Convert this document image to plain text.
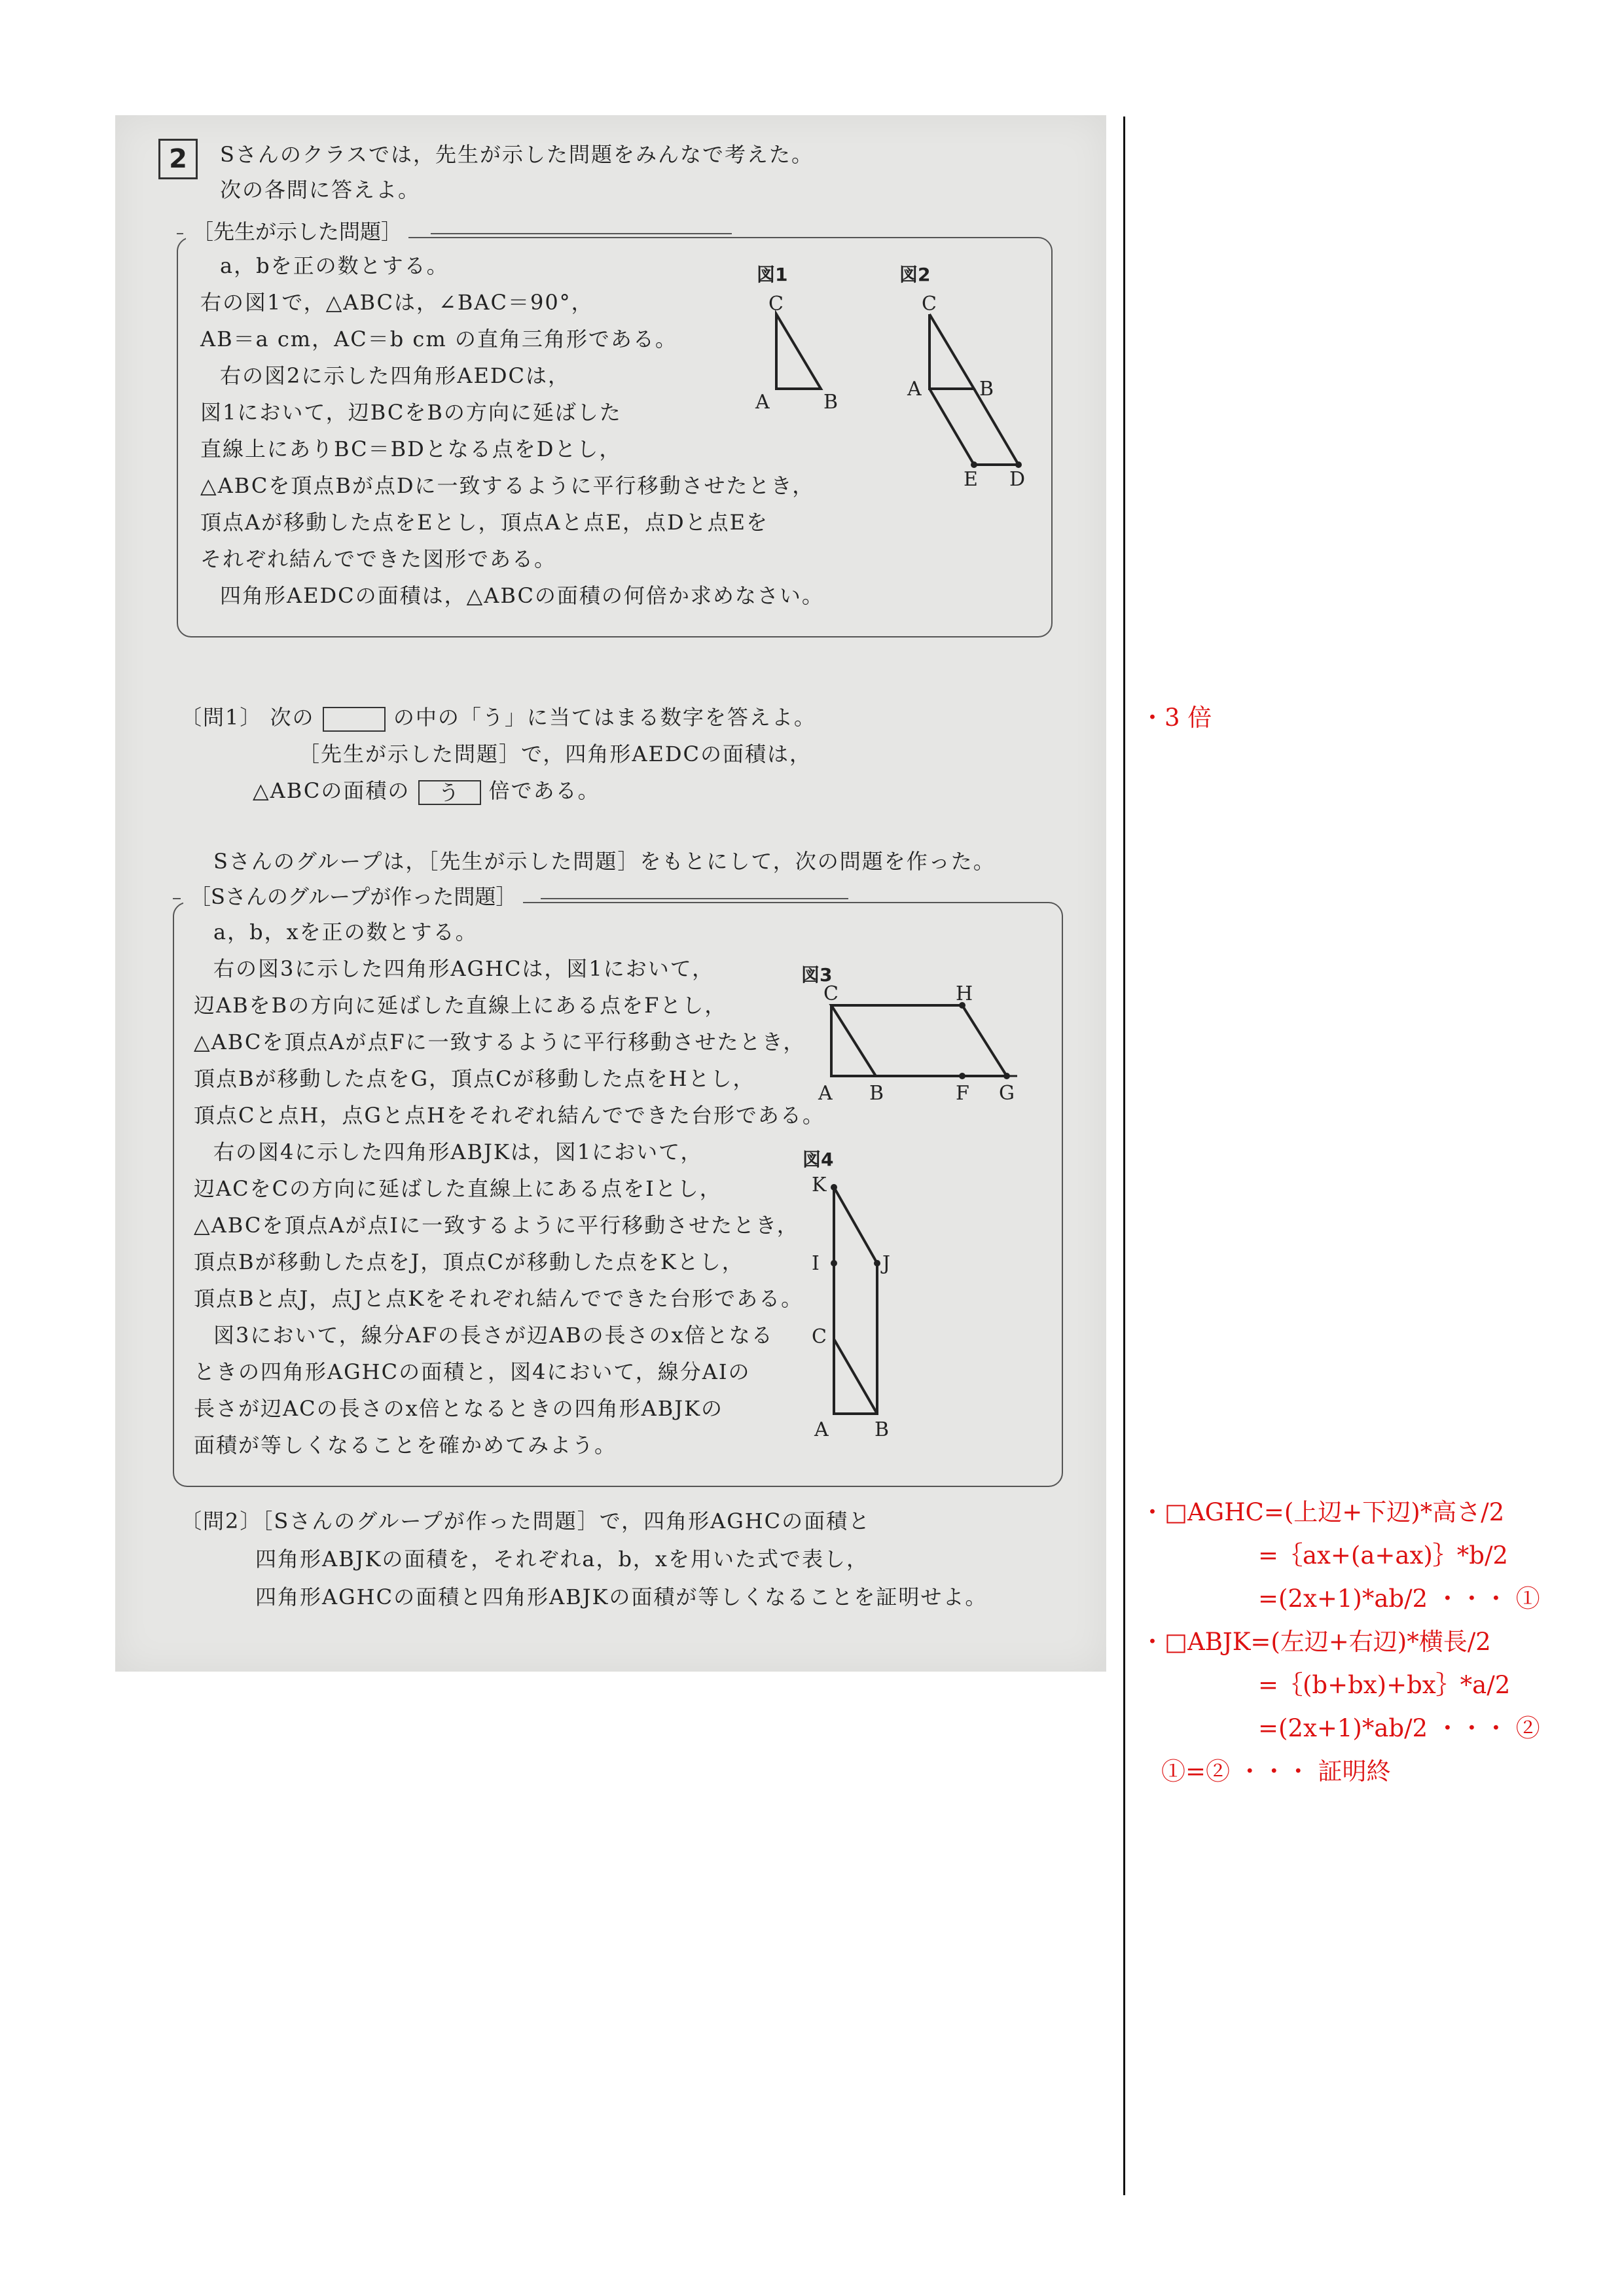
2	Sさんのクラスでは，先生が示した問題をみんなで考えた。
次の各問に答えよ。
［先生が示した問題］
a，bを正の数とする。
右の図1で，△ABCは，∠BAC＝90°，
AB＝a cm，AC＝b cm の直角三角形である。
右の図2に示した四角形AEDCは，
図1において，辺BCをBの方向に延ばした
直線上にありBC＝BDとなる点をDとし，
△ABCを頂点Bが点Dに一致するように平行移動させたとき，
頂点Aが移動した点をEとし，頂点Aと点E，点Dと点Eを
それぞれ結んでできた図形である。
四角形AEDCの面積は，△ABCの面積の何倍か求めなさい。
図1	図2
C
A	B
C
A	B
E D
〔問1〕 次の	の中の「う」に当てはまる数字を答えよ。
［先生が示した問題］で，四角形AEDCの面積は，
△ABCの面積の う 倍である。
Sさんのグループは，［先生が示した問題］をもとにして，次の問題を作った。
［Sさんのグループが作った問題］
a，b，xを正の数とする。
右の図3に示した四角形AGHCは，図1において，
辺ABをBの方向に延ばした直線上にある点をFとし，
△ABCを頂点Aが点Fに一致するように平行移動させたとき，
頂点Bが移動した点をG，頂点Cが移動した点をHとし，
頂点Cと点H，点Gと点Hをそれぞれ結んでできた台形である。
右の図4に示した四角形ABJKは，図1において，
辺ACをCの方向に延ばした直線上にある点をIとし，
△ABCを頂点Aが点Iに一致するように平行移動させたとき，
頂点Bが移動した点をJ，頂点Cが移動した点をKとし，
頂点Bと点J，点Jと点Kをそれぞれ結んでできた台形である。
図3において，線分AFの長さが辺ABの長さのx倍となる
ときの四角形AGHCの面積と，図4において，線分AIの
長さが辺ACの長さのx倍となるときの四角形ABJKの
面積が等しくなることを確かめてみよう。
図3
図4
C	H
A B	F G
K
I	J
C
A B
〔問2〕［Sさんのグループが作った問題］で，四角形AGHCの面積と
四角形ABJKの面積を，それぞれa，b，xを用いた式で表し，
四角形AGHCの面積と四角形ABJKの面積が等しくなることを証明せよ。
・3 倍
・□AGHC=(上辺+下辺)*高さ/2
=｛ax+(a+ax)｝*b/2
=(2x+1)*ab/2 ・・・ ①
・□ABJK=(左辺+右辺)*横長/2
=｛(b+bx)+bx｝*a/2
=(2x+1)*ab/2 ・・・ ②
①=② ・・・ 証明終
